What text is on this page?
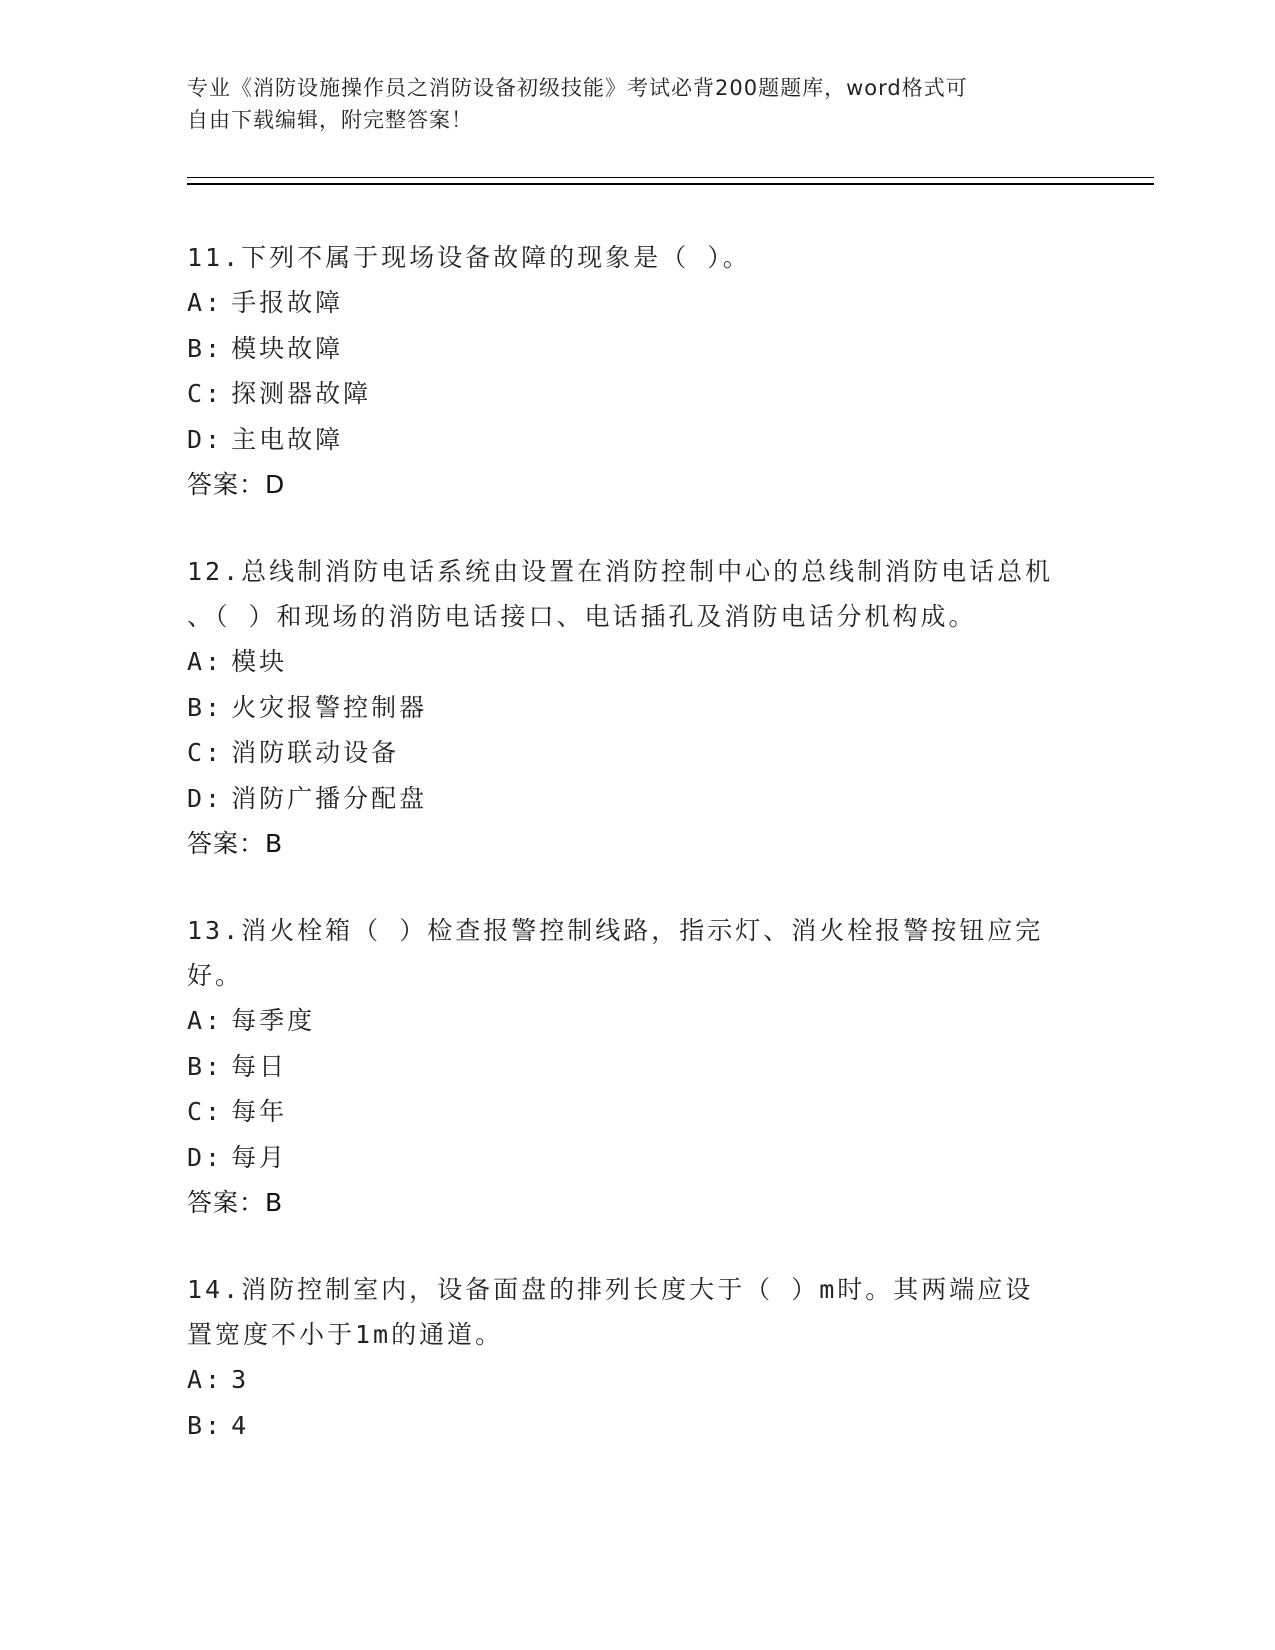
专业《消防设施操作员之消防设备初级技能》考试必背200题题库，word格式可
自由下载编辑，附完整答案！
11.下列不属于现场设备故障的现象是（ ）。
A: 手报故障
B: 模块故障
C: 探测器故障
D: 主电故障
答案：D
12.总线制消防电话系统由设置在消防控制中心的总线制消防电话总机
、（ ）和现场的消防电话接口、电话插孔及消防电话分机构成。
A: 模块
B: 火灾报警控制器
C: 消防联动设备
D: 消防广播分配盘
答案：B
13.消火栓箱（ ）检查报警控制线路，指示灯、消火栓报警按钮应完
好。
A: 每季度
B: 每日
C: 每年
D: 每月
答案：B
14.消防控制室内，设备面盘的排列长度大于（ ）m时。其两端应设
置宽度不小于1m的通道。
A: 3
B: 4
